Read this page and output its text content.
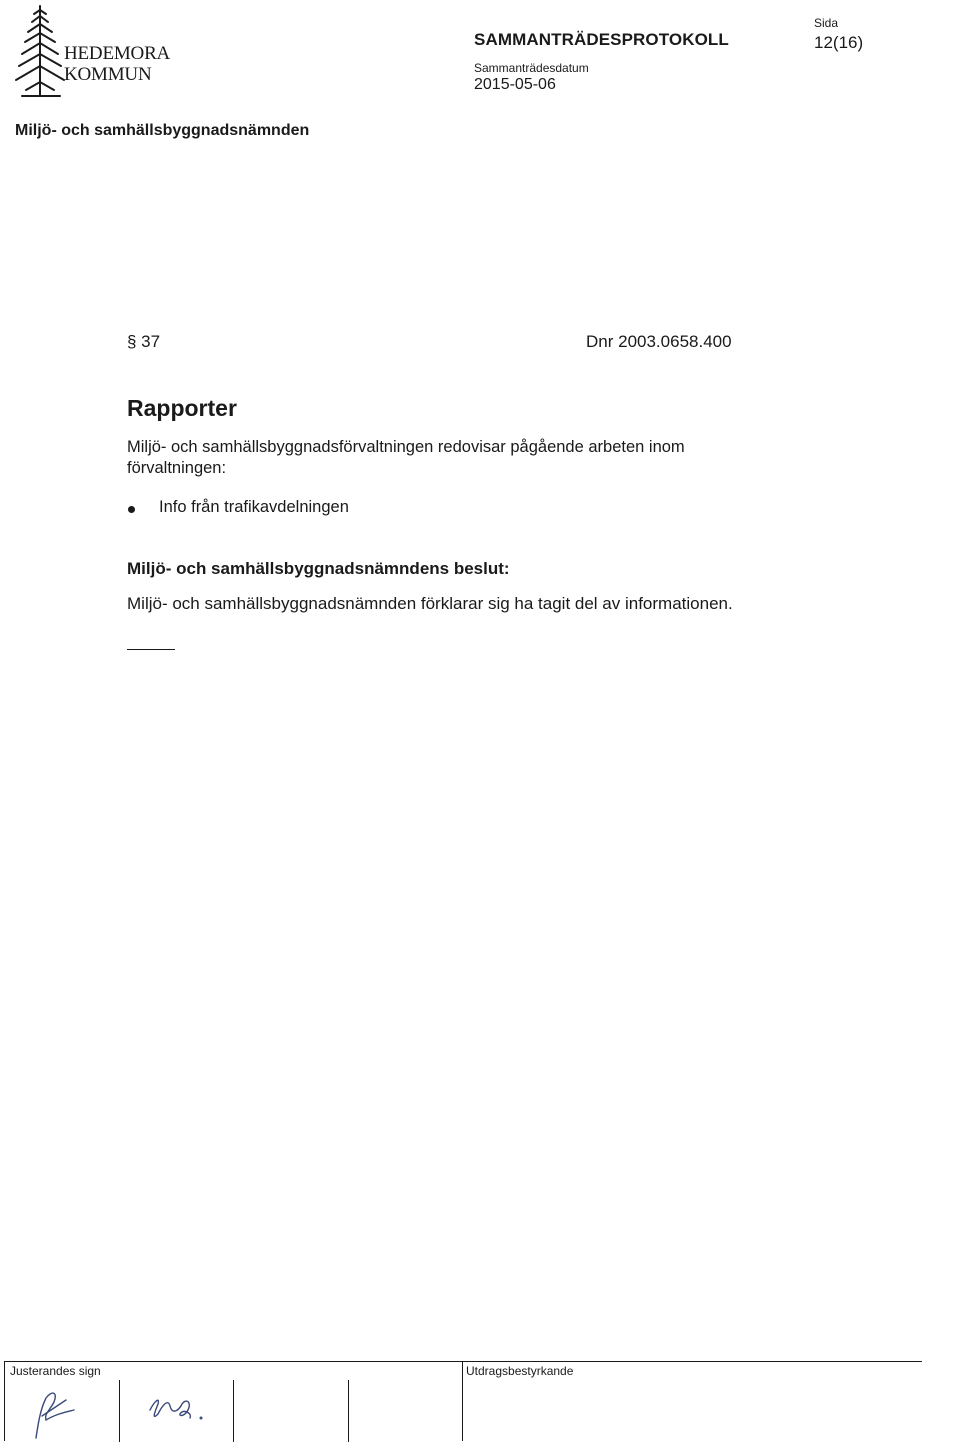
HEDEMORA
KOMMUN
SAMMANTRÄDESPROTOKOLL
Sammanträdesdatum
2015-05-06
Sida
12(16)
Miljö- och samhällsbyggnadsnämnden
§ 37	Dnr 2003.0658.400
Rapporter
Miljö- och samhällsbyggnadsförvaltningen redovisar pågående arbeten inom förvaltningen:
Info från trafikavdelningen
Miljö- och samhällsbyggnadsnämndens beslut:
Miljö- och samhällsbyggnadsnämnden förklarar sig ha tagit del av informationen.
Justerandes sign	Utdragsbestyrkande
